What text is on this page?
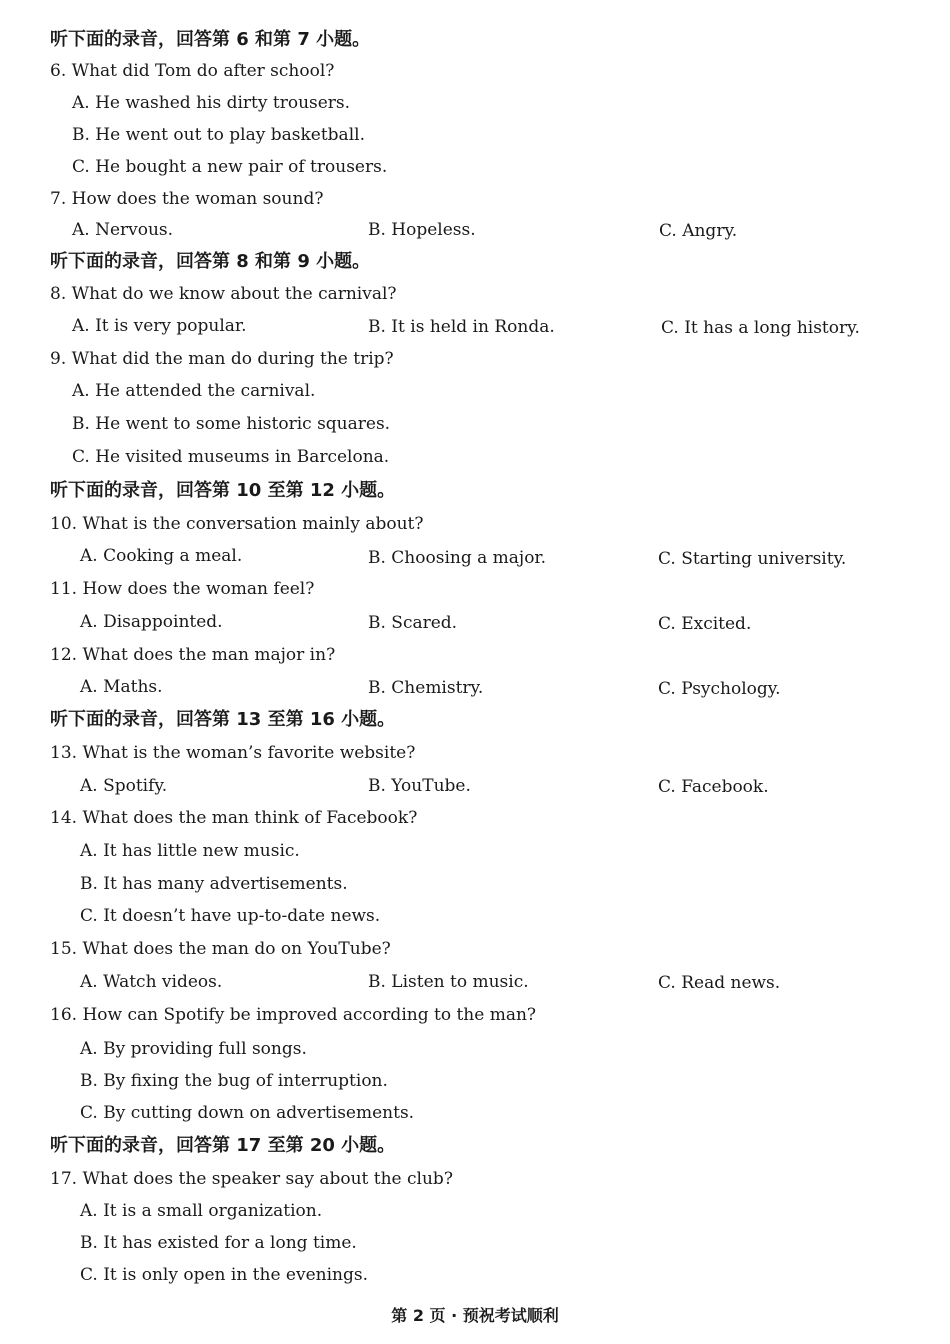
听下面的录音，回答第 6 和第 7 小题。
6. What did Tom do after school?
A. He washed his dirty trousers.
B. He went out to play basketball.
C. He bought a new pair of trousers.
7. How does the woman sound?
A. Nervous.	B. Hopeless.	C. Angry.
听下面的录音，回答第 8 和第 9 小题。
8. What do we know about the carnival?
A. It is very popular.	B. It is held in Ronda.	C. It has a long history.
9. What did the man do during the trip?
A. He attended the carnival.
B. He went to some historic squares.
C. He visited museums in Barcelona.
听下面的录音，回答第 10 至第 12 小题。
10. What is the conversation mainly about?
A. Cooking a meal.	B. Choosing a major.	C. Starting university.
11. How does the woman feel?
A. Disappointed.	B. Scared.	C. Excited.
12. What does the man major in?
A. Maths.	B. Chemistry.	C. Psychology.
听下面的录音，回答第 13 至第 16 小题。
13. What is the woman’s favorite website?
A. Spotify.	B. YouTube.	C. Facebook.
14. What does the man think of Facebook?
A. It has little new music.
B. It has many advertisements.
C. It doesn’t have up-to-date news.
15. What does the man do on YouTube?
A. Watch videos.	B. Listen to music.	C. Read news.
16. How can Spotify be improved according to the man?
A. By providing full songs.
B. By fixing the bug of interruption.
C. By cutting down on advertisements.
听下面的录音，回答第 17 至第 20 小题。
17. What does the speaker say about the club?
A. It is a small organization.
B. It has existed for a long time.
C. It is only open in the evenings.
第 2 页 · 预祝考试顺利
